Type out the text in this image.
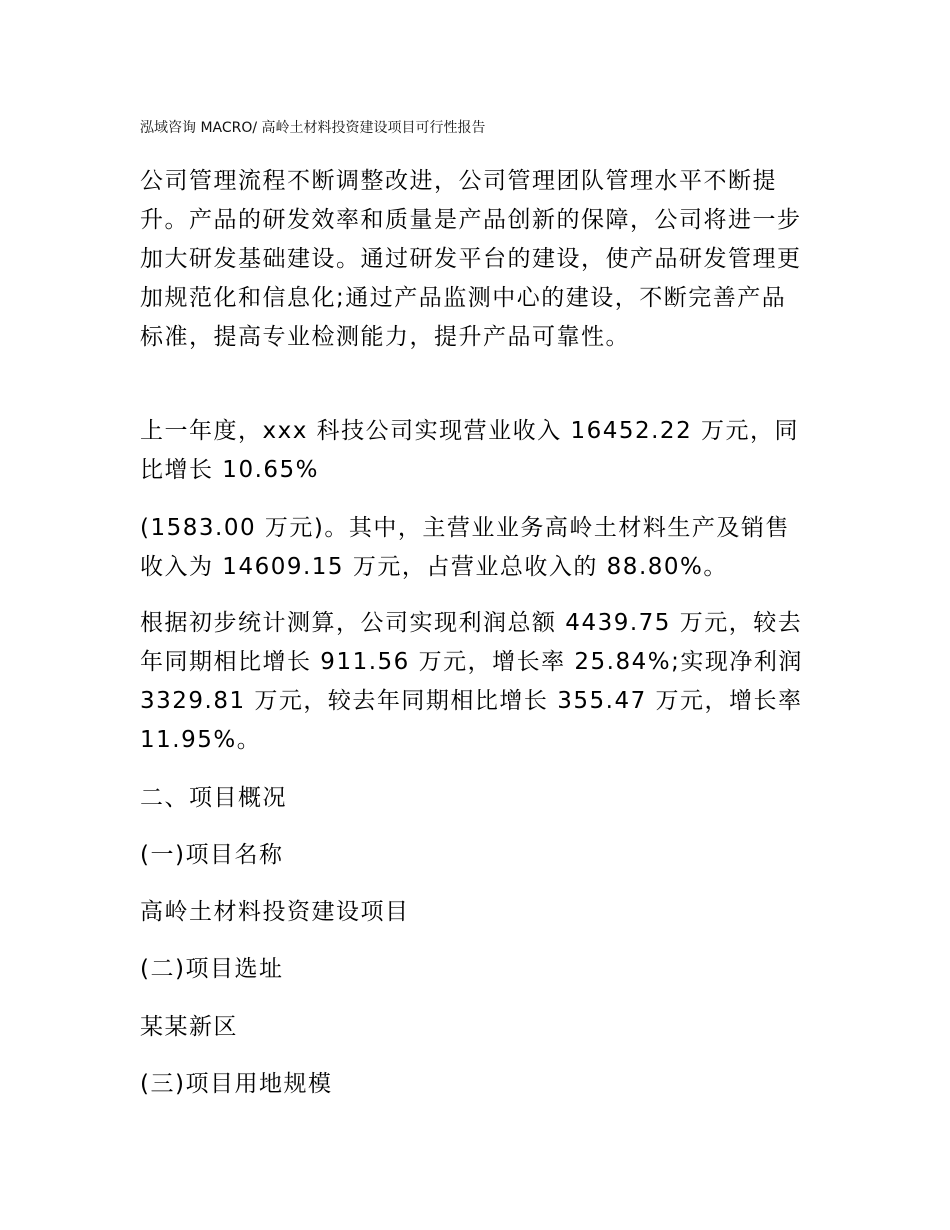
泓域咨询 MACRO/ 高岭土材料投资建设项目可行性报告

公司管理流程不断调整改进，公司管理团队管理水平不断提升。产品的研发效率和质量是产品创新的保障，公司将进一步加大研发基础建设。通过研发平台的建设，使产品研发管理更加规范化和信息化;通过产品监测中心的建设，不断完善产品标准，提高专业检测能力，提升产品可靠性。

上一年度，xxx 科技公司实现营业收入 16452.22 万元，同比增长 10.65%

(1583.00 万元)。其中，主营业业务高岭土材料生产及销售收入为 14609.15 万元，占营业总收入的 88.80%。

根据初步统计测算，公司实现利润总额 4439.75 万元，较去年同期相比增长 911.56 万元，增长率 25.84%;实现净利润 3329.81 万元，较去年同期相比增长 355.47 万元，增长率 11.95%。

二、项目概况
(一)项目名称
高岭土材料投资建设项目
(二)项目选址
某某新区
(三)项目用地规模
